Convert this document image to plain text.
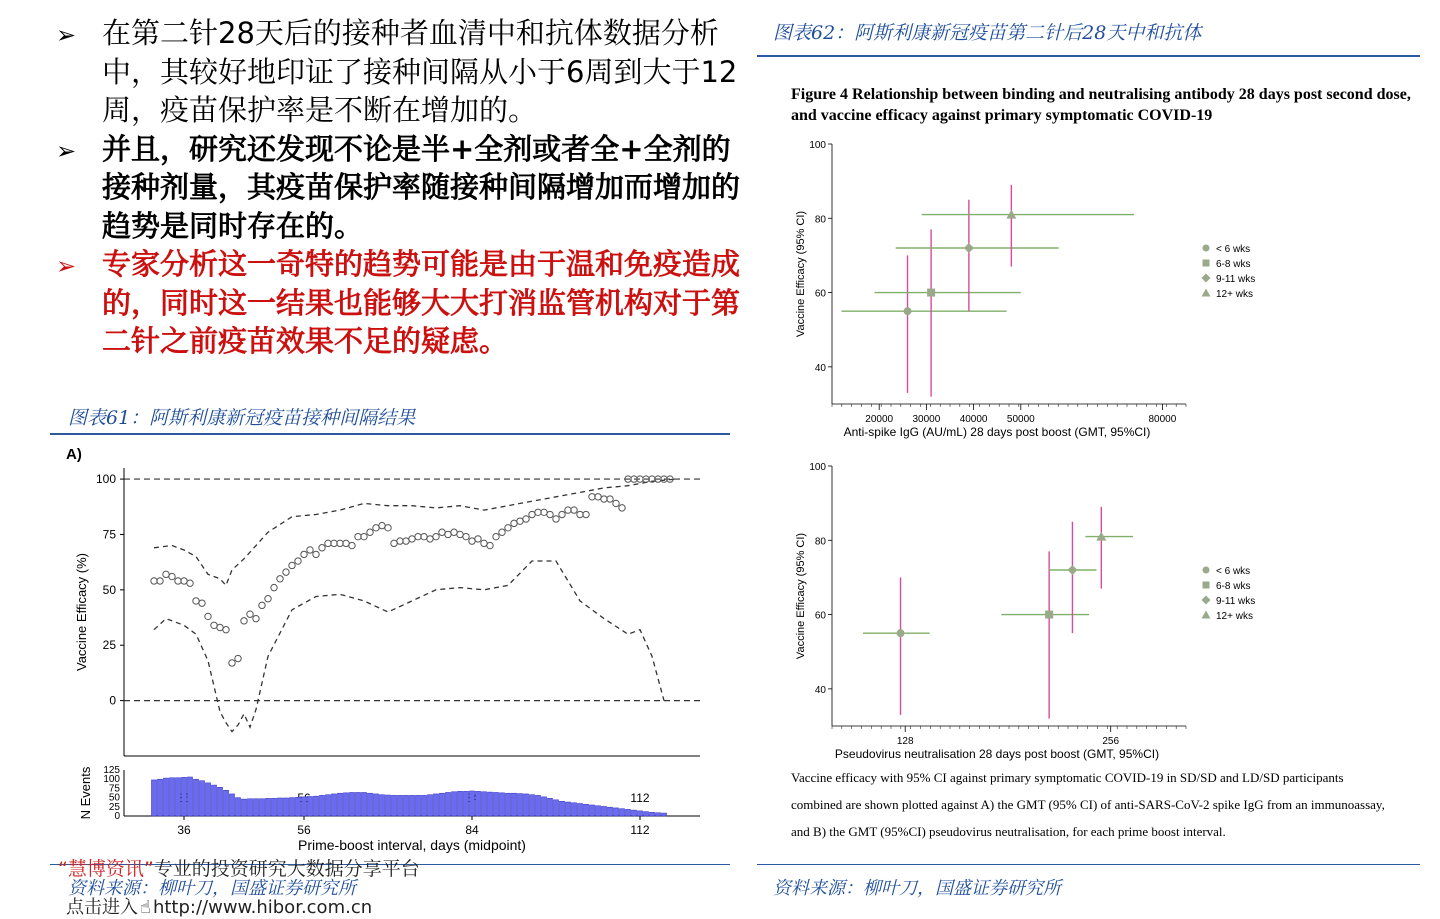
➢ 在第二针28天后的接种者血清中和抗体数据分析中，其较好地印证了接种间隔从小于6周到大于12周，疫苗保护率是不断在增加的。
➢ 并且，研究还发现不论是半+全剂或者全+全剂的接种剂量，其疫苗保护率随接种间隔增加而增加的趋势是同时存在的。
➢ 专家分析这一奇特的趋势可能是由于温和免疫造成的，同时这一结果也能够大大打消监管机构对于第二针之前疫苗效果不足的疑虑。
图表61：阿斯利康新冠疫苗接种间隔结果
A)
0
25
50
75
100
112
Vaccine Efficacy (%)
0
25
50
75
100
125
36	56	84	112
N Events
Prime-boost interval, days (midpoint)
资料来源：柳叶刀，国盛证券研究所
图表62：阿斯利康新冠疫苗第二针后28天中和抗体
Figure 4 Relationship between binding and neutralising antibody 28 days post second dose,
and vaccine efficacy against primary symptomatic COVID-19
40
60
80
100
20000 30000 40000 50000	80000
Vaccine Efficacy (95% CI)
Anti-spike IgG (AU/mL) 28 days post boost (GMT, 95%CI)
< 6 wks
6-8 wks
9-11 wks
12+ wks
40
60
80
100
128	256
Vaccine Efficacy (95% CI)
Pseudovirus neutralisation 28 days post boost (GMT, 95%CI)
< 6 wks
6-8 wks
9-11 wks
12+ wks
Vaccine efficacy with 95% CI against primary symptomatic COVID-19 in SD/SD and LD/SD participants
combined are shown plotted against A) the GMT (95% CI) of anti-SARS-CoV-2 spike IgG from an immunoassay,
and B) the GMT (95%CI) pseudovirus neutralisation, for each prime boost interval.
资料来源：柳叶刀，国盛证券研究所
“慧博资讯”专业的投资研究大数据分享平台
点击进入 ☝ http://www.hibor.com.cn
